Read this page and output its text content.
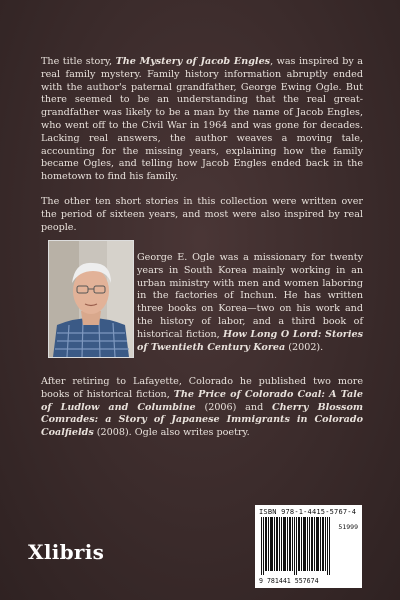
The title story, The Mystery of Jacob Engles, was inspired by a real family mystery. Family history information abruptly ended with the author's paternal grandfather, George Ewing Ogle. But there seemed to be an understanding that the real great-grandfather was likely to be a man by the name of Jacob Engles, who went off to the Civil War in 1964 and was gone for decades. Lacking real answers, the author weaves a moving tale, accounting for the missing years, explaining how the family became Ogles, and telling how Jacob Engles ended back in the hometown to find his family.

The other ten short stories in this collection were written over the period of sixteen years, and most were also inspired by real people.

George E. Ogle was a missionary for twenty years in South Korea mainly working in an urban ministry with men and women laboring in the factories of Inchun. He has written three books on Korea—two on his work and the history of labor, and a third book of historical fiction, How Long O Lord: Stories of Twentieth Century Korea (2002).

After retiring to Lafayette, Colorado he published two more books of historical fiction, The Price of Colorado Coal: A Tale of Ludlow and Columbine (2006) and Cherry Blossom Comrades: a Story of Japanese Immigrants in Colorado Coalfields (2008). Ogle also writes poetry.

ISBN 978-1-4415-5767-4
51999
9 781441 557674
Xlibris
